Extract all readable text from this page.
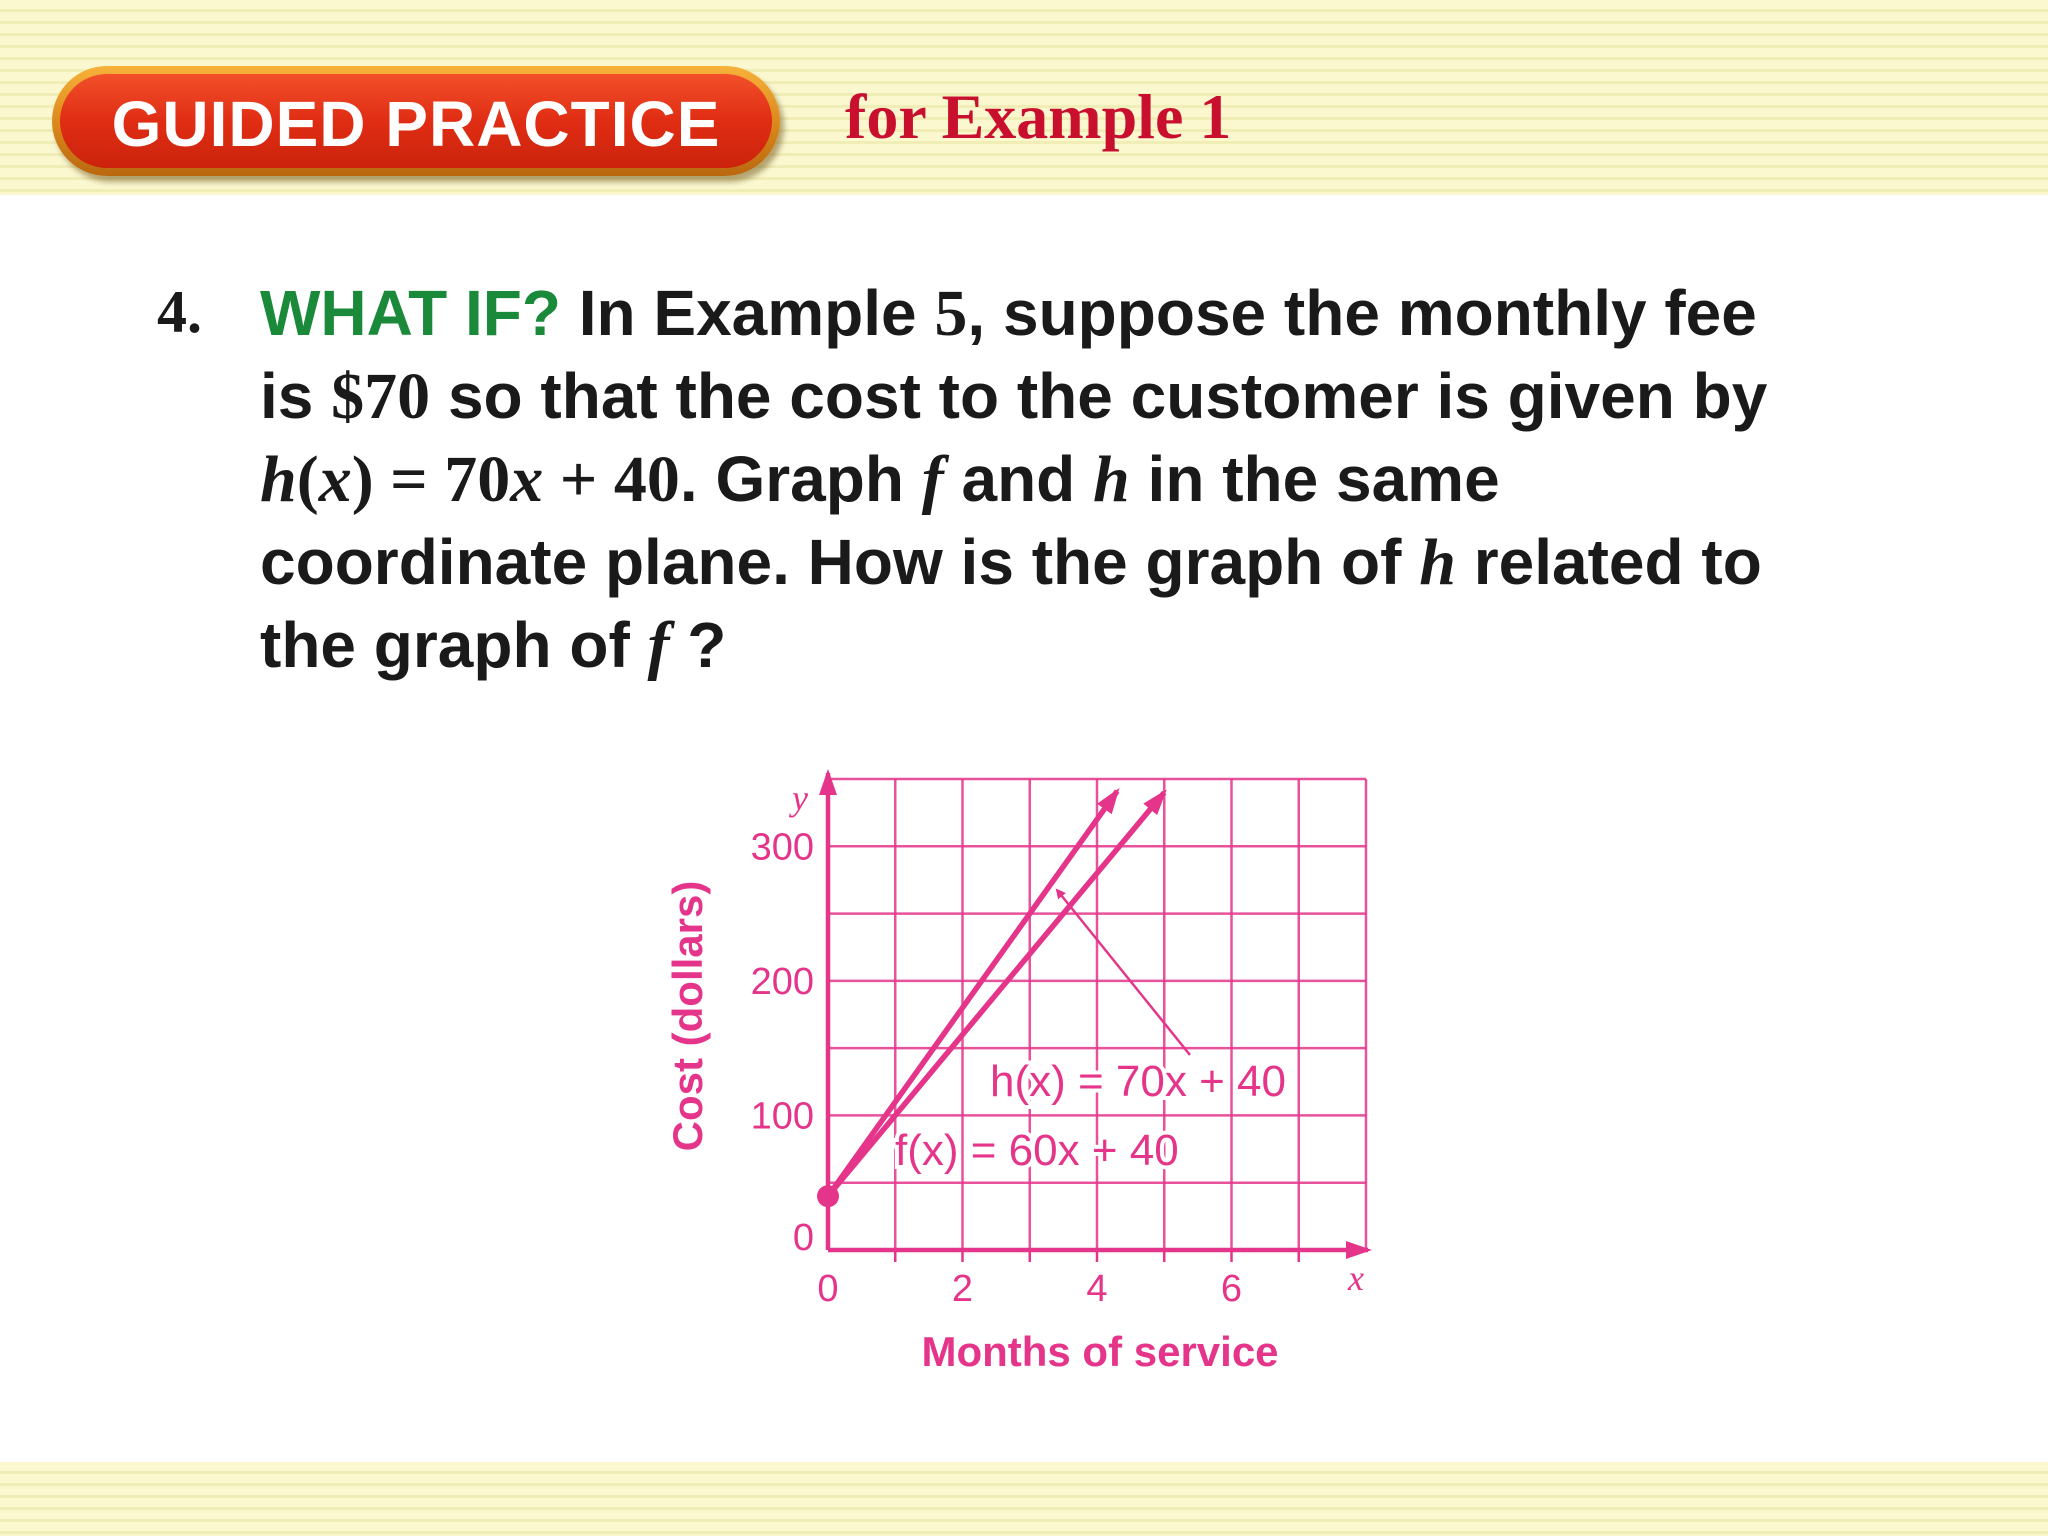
GUIDED PRACTICE	for Example 1
4. WHAT IF? In Example 5, suppose the monthly fee
is $70 so that the cost to the customer is given by
h(x) = 70x + 40. Graph f and h in the same
coordinate plane. How is the graph of h related to
the graph of f ?
0	2	4	6
0
100
200
300
h(x) = 70x + 40
f(x) = 60x + 40
Months of service
Cost (dollars)
x
y
